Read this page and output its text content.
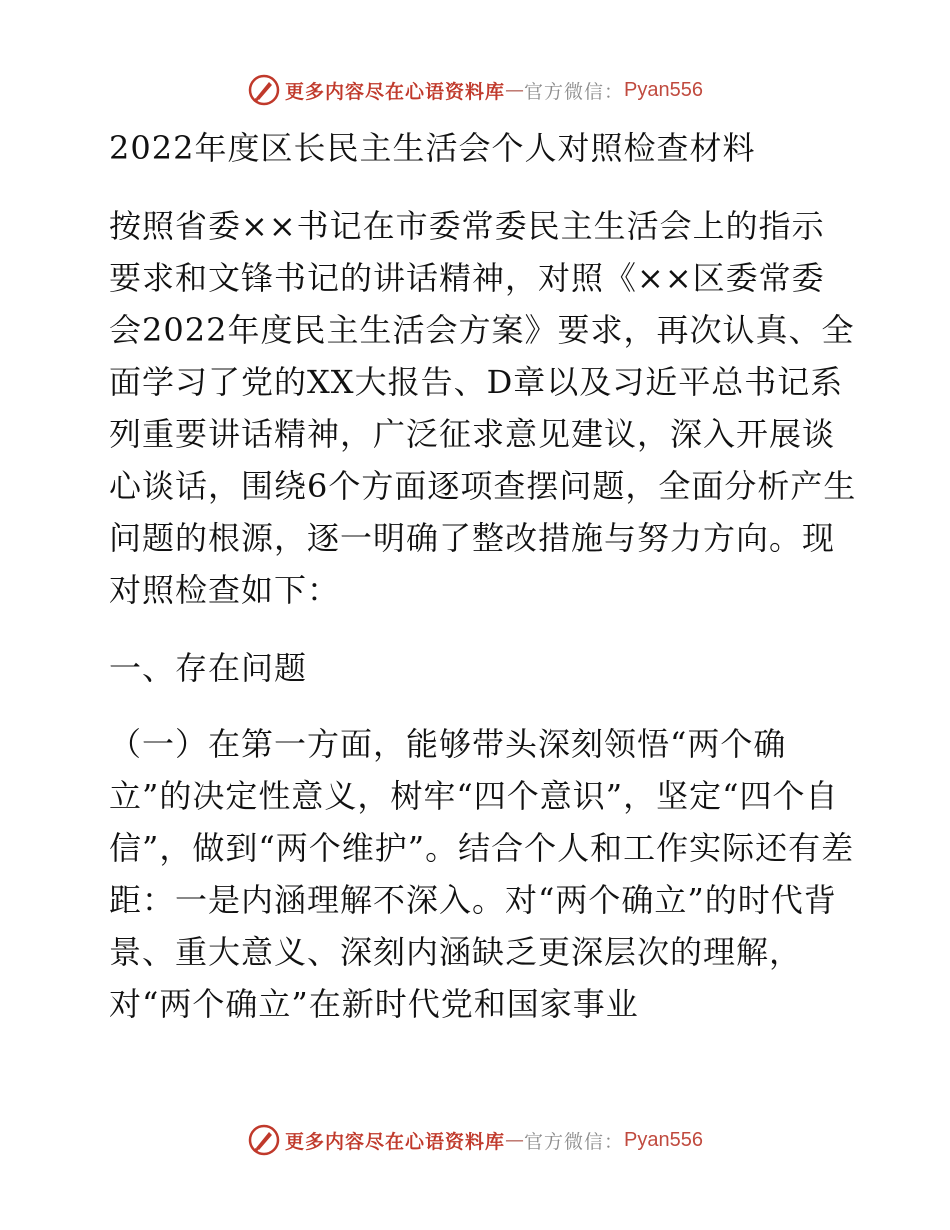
更多内容尽在心语资料库 — 官方微信： Pyan556
2022年度区长民主生活会个人对照检查材料
按照省委××书记在市委常委民主生活会上的指示要求和文锋书记的讲话精神，对照《××区委常委会2022年度民主生活会方案》要求，再次认真、全面学习了党的XX大报告、D章以及习近平总书记系列重要讲话精神，广泛征求意见建议，深入开展谈心谈话，围绕6个方面逐项查摆问题，全面分析产生问题的根源，逐一明确了整改措施与努力方向。现对照检查如下：
一、存在问题
（一）在第一方面，能够带头深刻领悟“两个确立”的决定性意义，树牢“四个意识”，坚定“四个自信”，做到“两个维护”。结合个人和工作实际还有差距：一是内涵理解不深入。对“两个确立”的时代背景、重大意义、深刻内涵缺乏更深层次的理解，对“两个确立”在新时代党和国家事业
更多内容尽在心语资料库 — 官方微信： Pyan556
